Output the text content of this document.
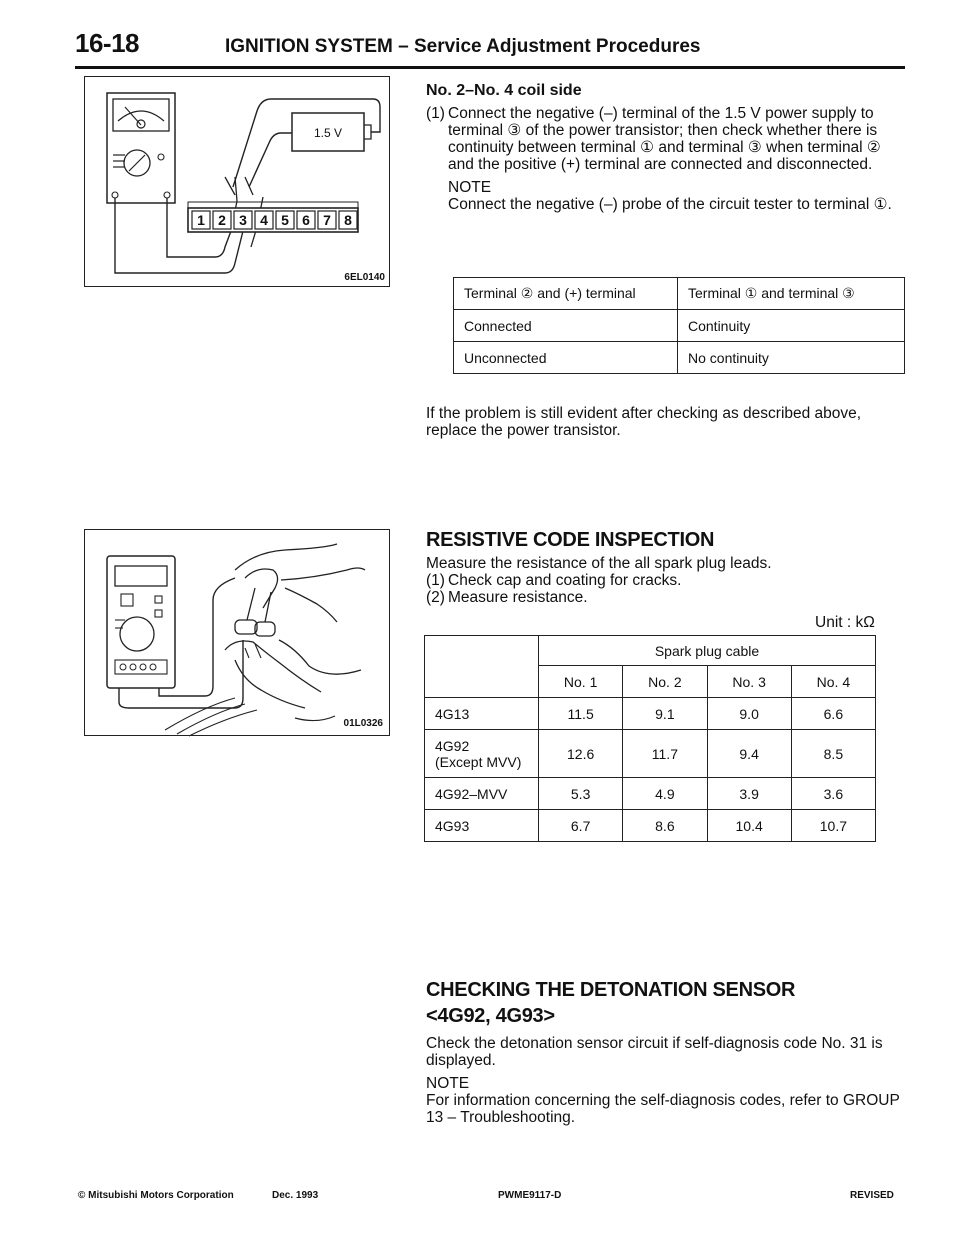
16-18	IGNITION SYSTEM – Service Adjustment Procedures
1 2 3 4 5 6 7 8
1.5 V
6EL0140
01L0326
No. 2–No. 4 coil side
(1) Connect the negative (–) terminal of the 1.5 V power supply to terminal ③ of the power transistor; then check whether there is continuity between terminal ① and terminal ③ when terminal ② and the positive (+) terminal are connected and disconnected.
NOTE
Connect the negative (–) probe of the circuit tester to terminal ①.
Terminal ② and (+) terminal	Terminal ① and terminal ③
Connected	Continuity
Unconnected	No continuity
If the problem is still evident after checking as described above, replace the power transistor.
RESISTIVE CODE INSPECTION
Measure the resistance of the all spark plug leads.
(1) Check cap and coating for cracks.
(2) Measure resistance.
Unit : kΩ
	Spark plug cable			
	No. 1	No. 2	No. 3	No. 4
4G13	11.5	9.1	9.0	6.6
4G92
(Except MVV)	12.6	11.7	9.4	8.5
4G92–MVV	5.3	4.9	3.9	3.6
4G93	6.7	8.6	10.4	10.7
CHECKING THE DETONATION SENSOR
<4G92, 4G93>
Check the detonation sensor circuit if self-diagnosis code No. 31 is displayed.
NOTE
For information concerning the self-diagnosis codes, refer to GROUP 13 – Troubleshooting.
© Mitsubishi Motors Corporation	Dec. 1993	PWME9117-D	REVISED
